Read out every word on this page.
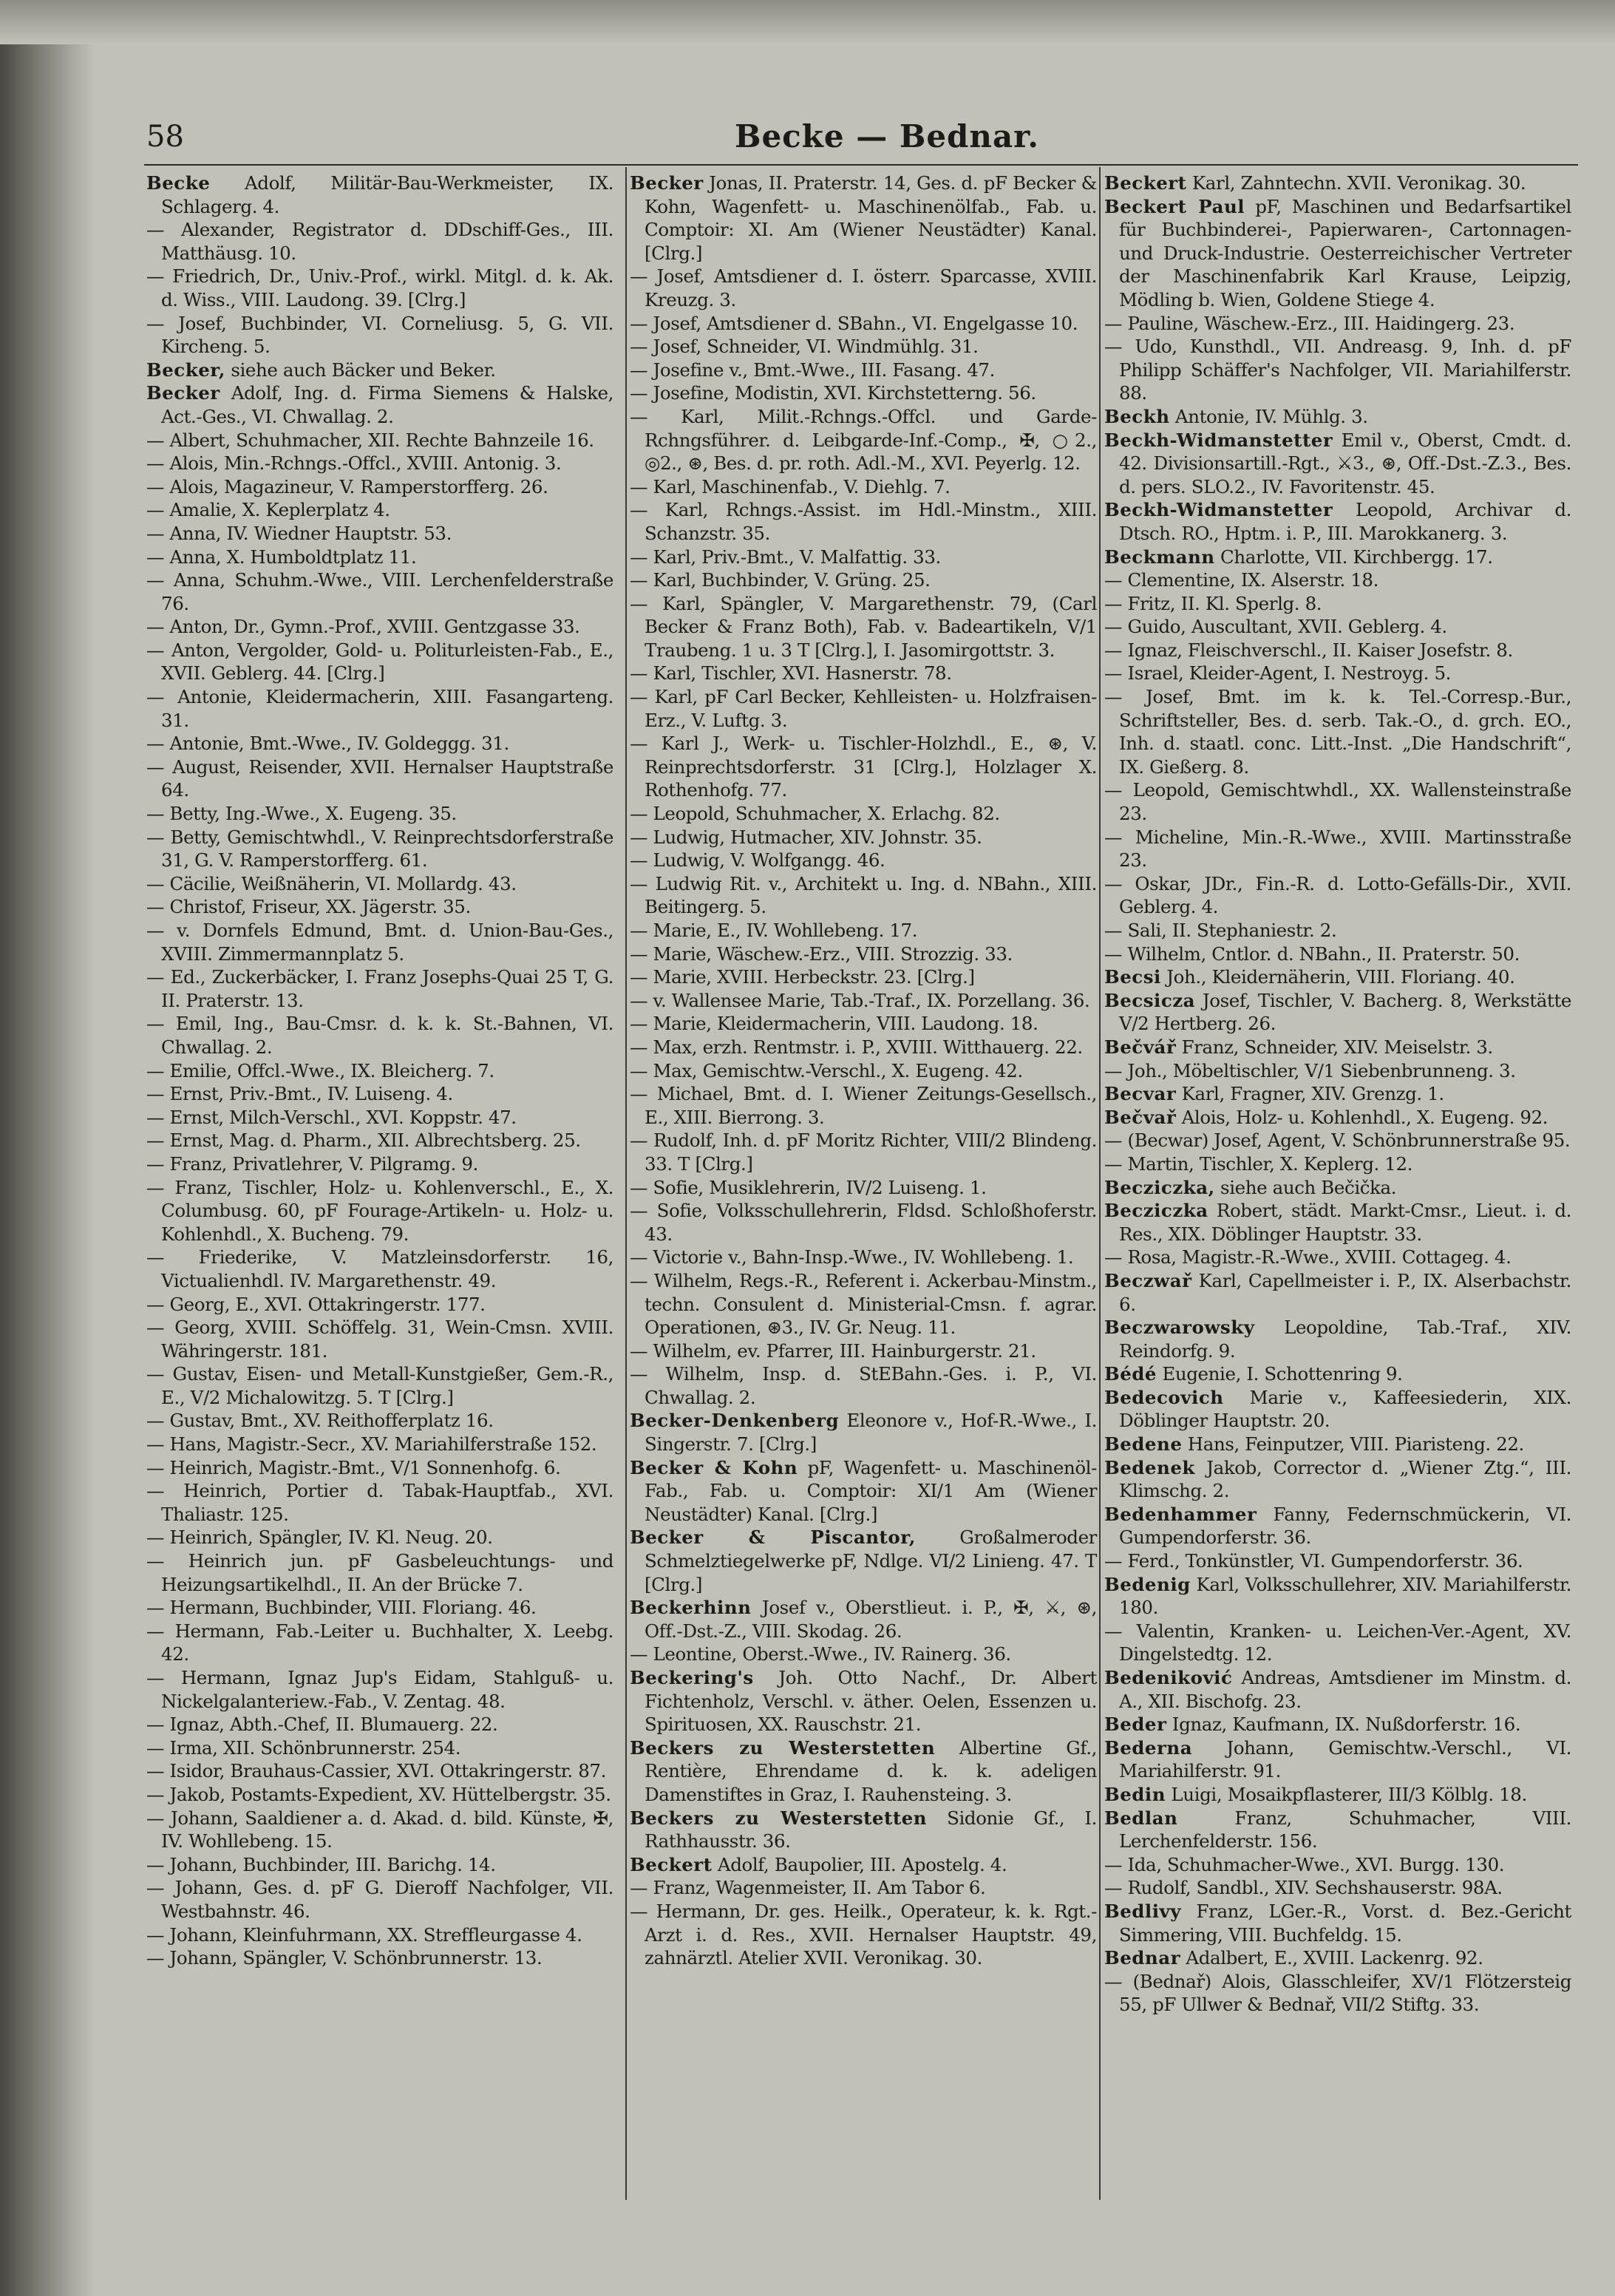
58	Becke — Bednar.

Becke Adolf, Militär-Bau-Werkmeister, IX. Schlagerg. 4.

— Alexander, Registrator d. DDschiff-Ges., III. Matthäusg. 10.

— Friedrich, Dr., Univ.-Prof., wirkl. Mitgl. d. k. Ak. d. Wiss., VIII. Laudong. 39. [Clrg.]

— Josef, Buchbinder, VI. Corneliusg. 5, G. VII. Kircheng. 5.

Becker, siehe auch Bäcker und Beker.

Becker Adolf, Ing. d. Firma Siemens & Halske, Act.-Ges., VI. Chwallag. 2.

— Albert, Schuhmacher, XII. Rechte Bahnzeile 16.

— Alois, Min.-Rchngs.-Offcl., XVIII. Antonig. 3.

— Alois, Magazineur, V. Ramperstorfferg. 26.

— Amalie, X. Keplerplatz 4.

— Anna, IV. Wiedner Hauptstr. 53.

— Anna, X. Humboldtplatz 11.

— Anna, Schuhm.-Wwe., VIII. Lerchenfelderstraße 76.

— Anton, Dr., Gymn.-Prof., XVIII. Gentzgasse 33.

— Anton, Vergolder, Gold- u. Politurleisten-Fab., E., XVII. Geblerg. 44. [Clrg.]

— Antonie, Kleidermacherin, XIII. Fasangarteng. 31.

— Antonie, Bmt.-Wwe., IV. Goldeggg. 31.

— August, Reisender, XVII. Hernalser Hauptstraße 64.

— Betty, Ing.-Wwe., X. Eugeng. 35.

— Betty, Gemischtwhdl., V. Reinprechtsdorferstraße 31, G. V. Ramperstorfferg. 61.

— Cäcilie, Weißnäherin, VI. Mollardg. 43.

— Christof, Friseur, XX. Jägerstr. 35.

— v. Dornfels Edmund, Bmt. d. Union-Bau-Ges., XVIII. Zimmermannplatz 5.

— Ed., Zuckerbäcker, I. Franz Josephs-Quai 25 T, G. II. Praterstr. 13.

— Emil, Ing., Bau-Cmsr. d. k. k. St.-Bahnen, VI. Chwallag. 2.

— Emilie, Offcl.-Wwe., IX. Bleicherg. 7.

— Ernst, Priv.-Bmt., IV. Luiseng. 4.

— Ernst, Milch-Verschl., XVI. Koppstr. 47.

— Ernst, Mag. d. Pharm., XII. Albrechtsberg. 25.

— Franz, Privatlehrer, V. Pilgramg. 9.

— Franz, Tischler, Holz- u. Kohlenverschl., E., X. Columbusg. 60, pF Fourage-Artikeln- u. Holz- u. Kohlenhdl., X. Bucheng. 79.

— Friederike, V. Matzleinsdorferstr. 16, Victualienhdl. IV. Margarethenstr. 49.

— Georg, E., XVI. Ottakringerstr. 177.

— Georg, XVIII. Schöffelg. 31, Wein-Cmsn. XVIII. Währingerstr. 181.

— Gustav, Eisen- und Metall-Kunstgießer, Gem.-R., E., V/2 Michalowitzg. 5. T [Clrg.]

— Gustav, Bmt., XV. Reithofferplatz 16.

— Hans, Magistr.-Secr., XV. Mariahilferstraße 152.

— Heinrich, Magistr.-Bmt., V/1 Sonnenhofg. 6.

— Heinrich, Portier d. Tabak-Hauptfab., XVI. Thaliastr. 125.

— Heinrich, Spängler, IV. Kl. Neug. 20.

— Heinrich jun. pF Gasbeleuchtungs- und Heizungsartikelhdl., II. An der Brücke 7.

— Hermann, Buchbinder, VIII. Floriang. 46.

— Hermann, Fab.-Leiter u. Buchhalter, X. Leebg. 42.

— Hermann, Ignaz Jup's Eidam, Stahlguß- u. Nickelgalanteriew.-Fab., V. Zentag. 48.

— Ignaz, Abth.-Chef, II. Blumauerg. 22.

— Irma, XII. Schönbrunnerstr. 254.

— Isidor, Brauhaus-Cassier, XVI. Ottakringerstr. 87.

— Jakob, Postamts-Expedient, XV. Hüttelbergstr. 35.

— Johann, Saaldiener a. d. Akad. d. bild. Künste, ✠, IV. Wohllebeng. 15.

— Johann, Buchbinder, III. Barichg. 14.

— Johann, Ges. d. pF G. Dieroff Nachfolger, VII. Westbahnstr. 46.

— Johann, Kleinfuhrmann, XX. Streffleurgasse 4.

— Johann, Spängler, V. Schönbrunnerstr. 13.

Becker Jonas, II. Praterstr. 14, Ges. d. pF Becker & Kohn, Wagenfett- u. Maschinenölfab., Fab. u. Comptoir: XI. Am (Wiener Neustädter) Kanal. [Clrg.]

— Josef, Amtsdiener d. I. österr. Sparcasse, XVIII. Kreuzg. 3.

— Josef, Amtsdiener d. SBahn., VI. Engelgasse 10.

— Josef, Schneider, VI. Windmühlg. 31.

— Josefine v., Bmt.-Wwe., III. Fasang. 47.

— Josefine, Modistin, XVI. Kirchstetterng. 56.

— Karl, Milit.-Rchngs.-Offcl. und Garde-Rchngsführer. d. Leibgarde-Inf.-Comp., ✠, ○2., ◎2., ⊛, Bes. d. pr. roth. Adl.-M., XVI. Peyerlg. 12.

— Karl, Maschinenfab., V. Diehlg. 7.

— Karl, Rchngs.-Assist. im Hdl.-Minstm., XIII. Schanzstr. 35.

— Karl, Priv.-Bmt., V. Malfattig. 33.

— Karl, Buchbinder, V. Grüng. 25.

— Karl, Spängler, V. Margarethenstr. 79, (Carl Becker & Franz Both), Fab. v. Badeartikeln, V/1 Traubeng. 1 u. 3 T [Clrg.], I. Jasomirgottstr. 3.

— Karl, Tischler, XVI. Hasnerstr. 78.

— Karl, pF Carl Becker, Kehlleisten- u. Holzfraisen-Erz., V. Luftg. 3.

— Karl J., Werk- u. Tischler-Holzhdl., E., ⊛, V. Reinprechtsdorferstr. 31 [Clrg.], Holzlager X. Rothenhofg. 77.

— Leopold, Schuhmacher, X. Erlachg. 82.

— Ludwig, Hutmacher, XIV. Johnstr. 35.

— Ludwig, V. Wolfgangg. 46.

— Ludwig Rit. v., Architekt u. Ing. d. NBahn., XIII. Beitingerg. 5.

— Marie, E., IV. Wohllebeng. 17.

— Marie, Wäschew.-Erz., VIII. Strozzig. 33.

— Marie, XVIII. Herbeckstr. 23. [Clrg.]

— v. Wallensee Marie, Tab.-Traf., IX. Porzellang. 36.

— Marie, Kleidermacherin, VIII. Laudong. 18.

— Max, erzh. Rentmstr. i. P., XVIII. Witthauerg. 22.

— Max, Gemischtw.-Verschl., X. Eugeng. 42.

— Michael, Bmt. d. I. Wiener Zeitungs-Gesellsch., E., XIII. Bierrong. 3.

— Rudolf, Inh. d. pF Moritz Richter, VIII/2 Blindeng. 33. T [Clrg.]

— Sofie, Musiklehrerin, IV/2 Luiseng. 1.

— Sofie, Volksschullehrerin, Fldsd. Schloßhoferstr. 43.

— Victorie v., Bahn-Insp.-Wwe., IV. Wohllebeng. 1.

— Wilhelm, Regs.-R., Referent i. Ackerbau-Minstm., techn. Consulent d. Ministerial-Cmsn. f. agrar. Operationen, ⊛3., IV. Gr. Neug. 11.

— Wilhelm, ev. Pfarrer, III. Hainburgerstr. 21.

— Wilhelm, Insp. d. StEBahn.-Ges. i. P., VI. Chwallag. 2.

Becker-Denkenberg Eleonore v., Hof-R.-Wwe., I. Singerstr. 7. [Clrg.]

Becker & Kohn pF, Wagenfett- u. Maschinenöl-Fab., Fab. u. Comptoir: XI/1 Am (Wiener Neustädter) Kanal. [Clrg.]

Becker & Piscantor, Großalmeroder Schmelztiegelwerke pF, Ndlge. VI/2 Linieng. 47. T [Clrg.]

Beckerhinn Josef v., Oberstlieut. i. P., ✠, ⚔, ⊛, Off.-Dst.-Z., VIII. Skodag. 26.

— Leontine, Oberst.-Wwe., IV. Rainerg. 36.

Beckering's Joh. Otto Nachf., Dr. Albert Fichtenholz, Verschl. v. äther. Oelen, Essenzen u. Spirituosen, XX. Rauschstr. 21.

Beckers zu Westerstetten Albertine Gf., Rentière, Ehrendame d. k. k. adeligen Damenstiftes in Graz, I. Rauhensteing. 3.

Beckers zu Westerstetten Sidonie Gf., I. Rathhausstr. 36.

Beckert Adolf, Baupolier, III. Apostelg. 4.

— Franz, Wagenmeister, II. Am Tabor 6.

— Hermann, Dr. ges. Heilk., Operateur, k. k. Rgt.-Arzt i. d. Res., XVII. Hernalser Hauptstr. 49, zahnärztl. Atelier XVII. Veronikag. 30.

Beckert Karl, Zahntechn. XVII. Veronikag. 30.

Beckert Paul pF, Maschinen und Bedarfsartikel für Buchbinderei-, Papierwaren-, Cartonnagen- und Druck-Industrie. Oesterreichischer Vertreter der Maschinenfabrik Karl Krause, Leipzig, Mödling b. Wien, Goldene Stiege 4.

— Pauline, Wäschew.-Erz., III. Haidingerg. 23.

— Udo, Kunsthdl., VII. Andreasg. 9, Inh. d. pF Philipp Schäffer's Nachfolger, VII. Mariahilferstr. 88.

Beckh Antonie, IV. Mühlg. 3.

Beckh-Widmanstetter Emil v., Oberst, Cmdt. d. 42. Divisionsartill.-Rgt., ⚔3., ⊛, Off.-Dst.-Z.3., Bes. d. pers. SLO.2., IV. Favoritenstr. 45.

Beckh-Widmanstetter Leopold, Archivar d. Dtsch. RO., Hptm. i. P., III. Marokkanerg. 3.

Beckmann Charlotte, VII. Kirchbergg. 17.

— Clementine, IX. Alserstr. 18.

— Fritz, II. Kl. Sperlg. 8.

— Guido, Auscultant, XVII. Geblerg. 4.

— Ignaz, Fleischverschl., II. Kaiser Josefstr. 8.

— Israel, Kleider-Agent, I. Nestroyg. 5.

— Josef, Bmt. im k. k. Tel.-Corresp.-Bur., Schriftsteller, Bes. d. serb. Tak.-O., d. grch. EO., Inh. d. staatl. conc. Litt.-Inst. „Die Handschrift“, IX. Gießerg. 8.

— Leopold, Gemischtwhdl., XX. Wallensteinstraße 23.

— Micheline, Min.-R.-Wwe., XVIII. Martinsstraße 23.

— Oskar, JDr., Fin.-R. d. Lotto-Gefälls-Dir., XVII. Geblerg. 4.

— Sali, II. Stephaniestr. 2.

— Wilhelm, Cntlor. d. NBahn., II. Praterstr. 50.

Becsi Joh., Kleidernäherin, VIII. Floriang. 40.

Becsicza Josef, Tischler, V. Bacherg. 8, Werkstätte V/2 Hertberg. 26.

Bečvář Franz, Schneider, XIV. Meiselstr. 3.

— Joh., Möbeltischler, V/1 Siebenbrunneng. 3.

Becvar Karl, Fragner, XIV. Grenzg. 1.

Bečvař Alois, Holz- u. Kohlenhdl., X. Eugeng. 92.

— (Becwar) Josef, Agent, V. Schönbrunnerstraße 95.

— Martin, Tischler, X. Keplerg. 12.

Becziczka, siehe auch Bečička.

Becziczka Robert, städt. Markt-Cmsr., Lieut. i. d. Res., XIX. Döblinger Hauptstr. 33.

— Rosa, Magistr.-R.-Wwe., XVIII. Cottageg. 4.

Beczwař Karl, Capellmeister i. P., IX. Alserbachstr. 6.

Beczwarowsky Leopoldine, Tab.-Traf., XIV. Reindorfg. 9.

Bédé Eugenie, I. Schottenring 9.

Bedecovich Marie v., Kaffeesiederin, XIX. Döblinger Hauptstr. 20.

Bedene Hans, Feinputzer, VIII. Piaristeng. 22.

Bedenek Jakob, Corrector d. „Wiener Ztg.“, III. Klimschg. 2.

Bedenhammer Fanny, Federnschmückerin, VI. Gumpendorferstr. 36.

— Ferd., Tonkünstler, VI. Gumpendorferstr. 36.

Bedenig Karl, Volksschullehrer, XIV. Mariahilferstr. 180.

— Valentin, Kranken- u. Leichen-Ver.-Agent, XV. Dingelstedtg. 12.

Bedeniković Andreas, Amtsdiener im Minstm. d. A., XII. Bischofg. 23.

Beder Ignaz, Kaufmann, IX. Nußdorferstr. 16.

Bederna Johann, Gemischtw.-Verschl., VI. Mariahilferstr. 91.

Bedin Luigi, Mosaikpflasterer, III/3 Kölblg. 18.

Bedlan Franz, Schuhmacher, VIII. Lerchenfelderstr. 156.

— Ida, Schuhmacher-Wwe., XVI. Burgg. 130.

— Rudolf, Sandbl., XIV. Sechshauserstr. 98A.

Bedlivy Franz, LGer.-R., Vorst. d. Bez.-Gericht Simmering, VIII. Buchfeldg. 15.

Bednar Adalbert, E., XVIII. Lackenrg. 92.

— (Bednař) Alois, Glasschleifer, XV/1 Flötzersteig 55, pF Ullwer & Bednař, VII/2 Stiftg. 33.
